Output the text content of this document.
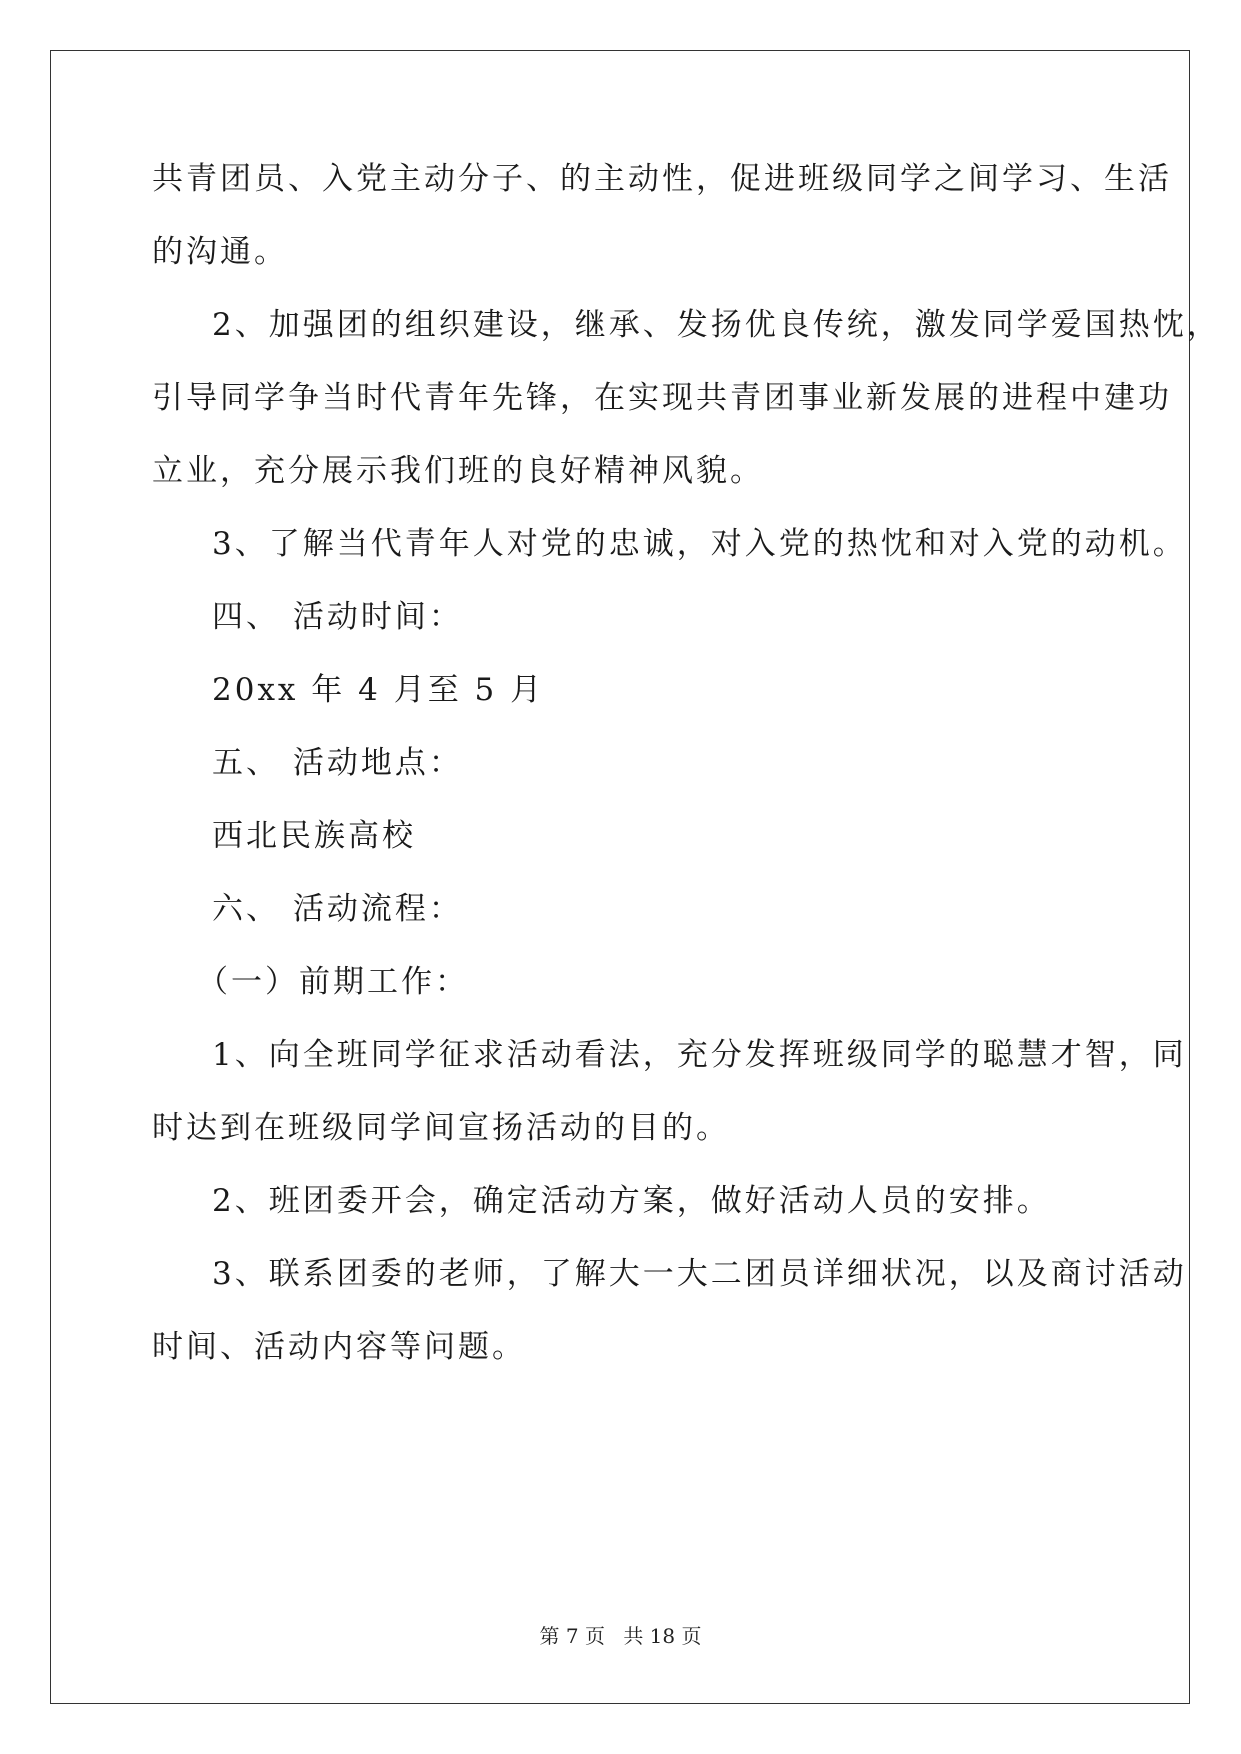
共青团员、入党主动分子、的主动性，促进班级同学之间学习、生活
的沟通。
2、加强团的组织建设，继承、发扬优良传统，激发同学爱国热忱，
引导同学争当时代青年先锋，在实现共青团事业新发展的进程中建功
立业，充分展示我们班的良好精神风貌。
3、了解当代青年人对党的忠诚，对入党的热忱和对入党的动机。
四、 活动时间：
20xx 年 4 月至 5 月
五、 活动地点：
西北民族高校
六、 活动流程：
（一）前期工作：
1、向全班同学征求活动看法，充分发挥班级同学的聪慧才智，同
时达到在班级同学间宣扬活动的目的。
2、班团委开会，确定活动方案，做好活动人员的安排。
3、联系团委的老师，了解大一大二团员详细状况，以及商讨活动
时间、活动内容等问题。
第 7 页 共 18 页
